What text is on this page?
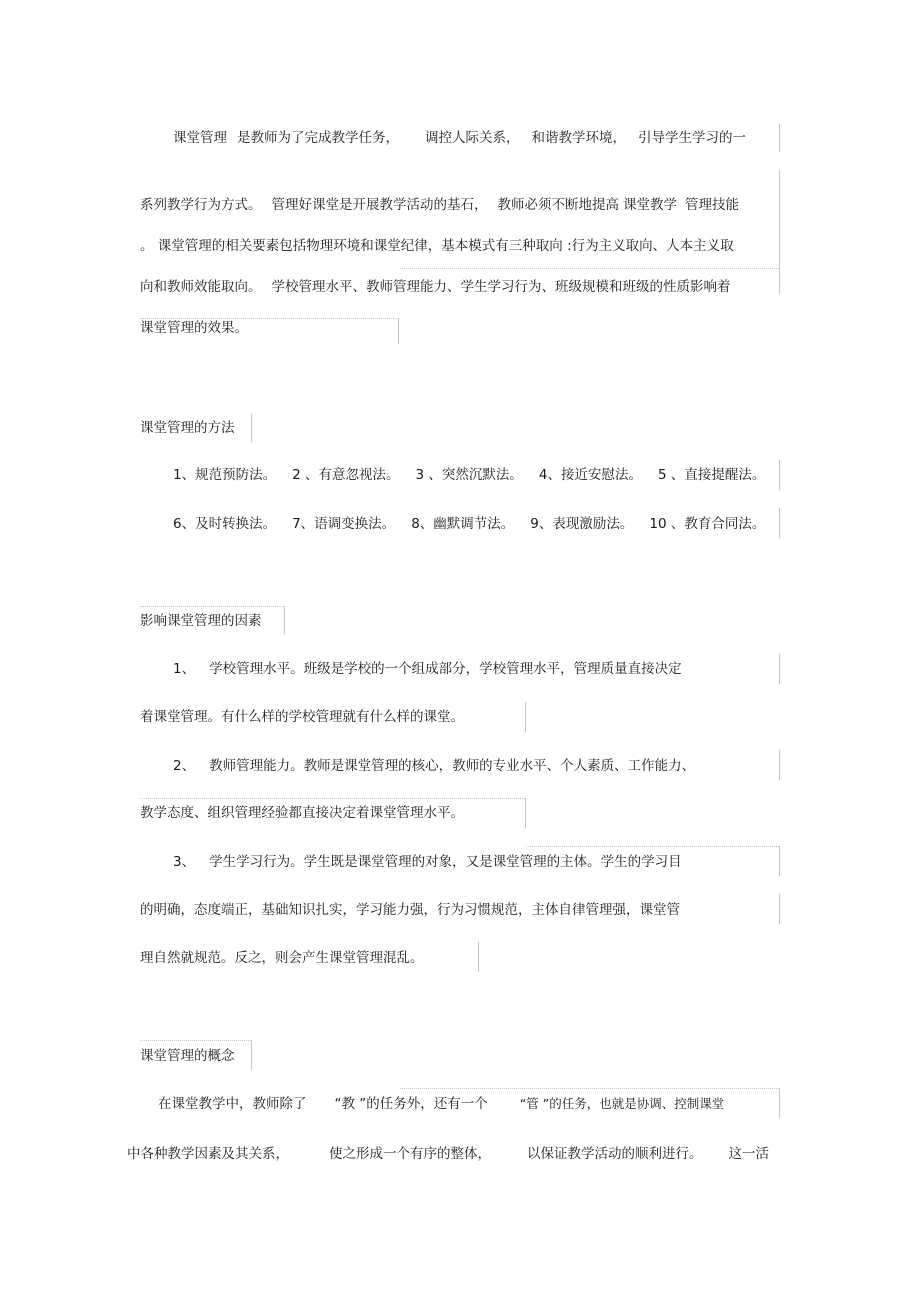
课堂管理 是教师为了完成教学任务， 调控人际关系， 和谐教学环境， 引导学生学习的一
系列教学行为方式。 管理好课堂是开展教学活动的基石， 教师必须不断地提高 课堂教学 管理技能
。 课堂管理的相关要素包括物理环境和课堂纪律，基本模式有三种取向 :行为主义取向、人本主义取
向和教师效能取向。 学校管理水平、教师管理能力、学生学习行为、班级规模和班级的性质影响着
课堂管理的效果。
课堂管理的方法
1、规范预防法。 2 、有意忽视法。 3 、突然沉默法。 4、接近安慰法。 5 、直接提醒法。
6、及时转换法。 7、语调变换法。 8、幽默调节法。 9、表现激励法。 10 、教育合同法。
影响课堂管理的因素
1、 学校管理水平。班级是学校的一个组成部分，学校管理水平，管理质量直接决定
着课堂管理。有什么样的学校管理就有什么样的课堂。
2、 教师管理能力。教师是课堂管理的核心，教师的专业水平、个人素质、工作能力、
教学态度、组织管理经验都直接决定着课堂管理水平。
3、 学生学习行为。学生既是课堂管理的对象，又是课堂管理的主体。学生的学习目
的明确，态度端正，基础知识扎实，学习能力强，行为习惯规范，主体自律管理强，课堂管
理自然就规范。反之，则会产生课堂管理混乱。
课堂管理的概念
在课堂教学中，教师除了 “教 ”的任务外，还有一个	“管 ”的任务，也就是协调、控制课堂
中各种教学因素及其关系，	使之形成一个有序的整体，	以保证教学活动的顺利进行。 这一活
